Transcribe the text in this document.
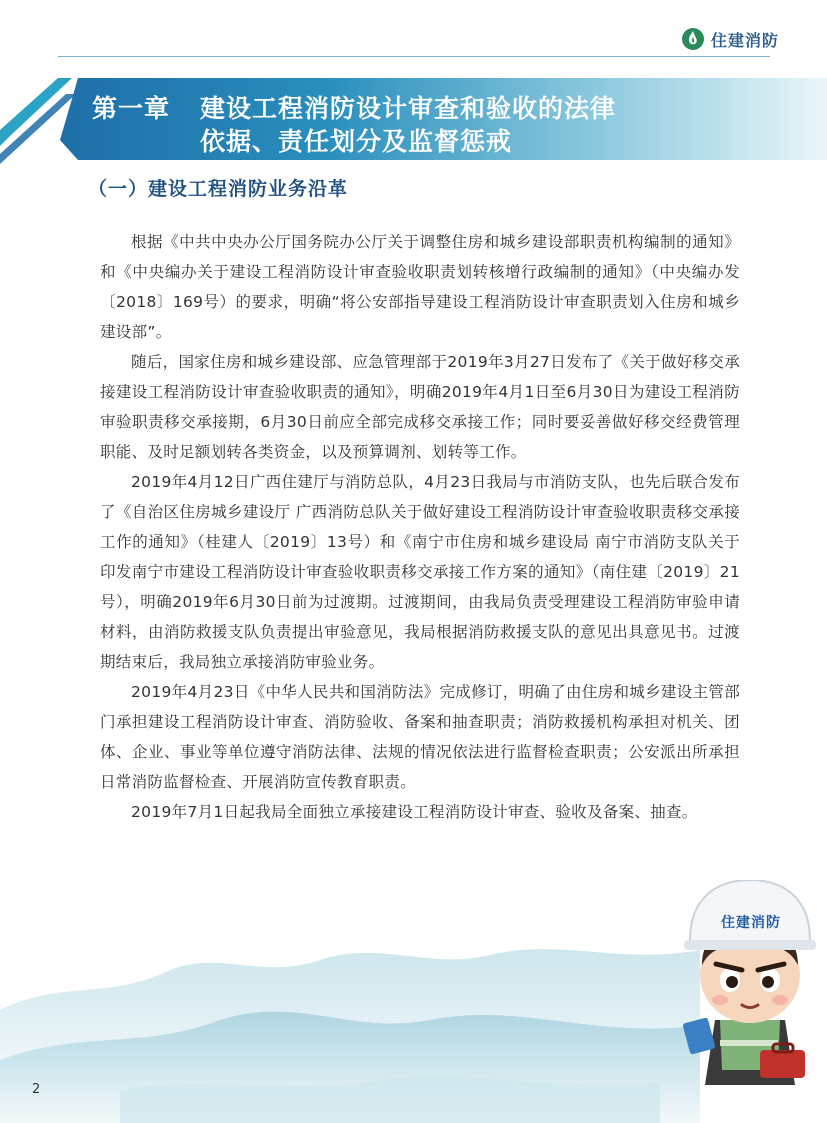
住建消防
第一章 建设工程消防设计审查和验收的法律
依据、责任划分及监督惩戒
（一）建设工程消防业务沿革

根据《中共中央办公厅国务院办公厅关于调整住房和城乡建设部职责机构编制的通知》和《中央编办关于建设工程消防设计审查验收职责划转核增行政编制的通知》（中央编办发〔2018〕169号）的要求，明确“将公安部指导建设工程消防设计审查职责划入住房和城乡建设部”。

随后，国家住房和城乡建设部、应急管理部于2019年3月27日发布了《关于做好移交承接建设工程消防设计审查验收职责的通知》，明确2019年4月1日至6月30日为建设工程消防审验职责移交承接期，6月30日前应全部完成移交承接工作；同时要妥善做好移交经费管理职能、及时足额划转各类资金，以及预算调剂、划转等工作。

2019年4月12日广西住建厅与消防总队，4月23日我局与市消防支队，也先后联合发布了《自治区住房城乡建设厅 广西消防总队关于做好建设工程消防设计审查验收职责移交承接工作的通知》（桂建人〔2019〕13号）和《南宁市住房和城乡建设局 南宁市消防支队关于印发南宁市建设工程消防设计审查验收职责移交承接工作方案的通知》（南住建〔2019〕21号），明确2019年6月30日前为过渡期。过渡期间，由我局负责受理建设工程消防审验申请材料，由消防救援支队负责提出审验意见，我局根据消防救援支队的意见出具意见书。过渡期结束后，我局独立承接消防审验业务。

2019年4月23日《中华人民共和国消防法》完成修订，明确了由住房和城乡建设主管部门承担建设工程消防设计审查、消防验收、备案和抽查职责；消防救援机构承担对机关、团体、企业、事业等单位遵守消防法律、法规的情况依法进行监督检查职责；公安派出所承担日常消防监督检查、开展消防宣传教育职责。

2019年7月1日起我局全面独立承接建设工程消防设计审查、验收及备案、抽查。

住建消防
2
